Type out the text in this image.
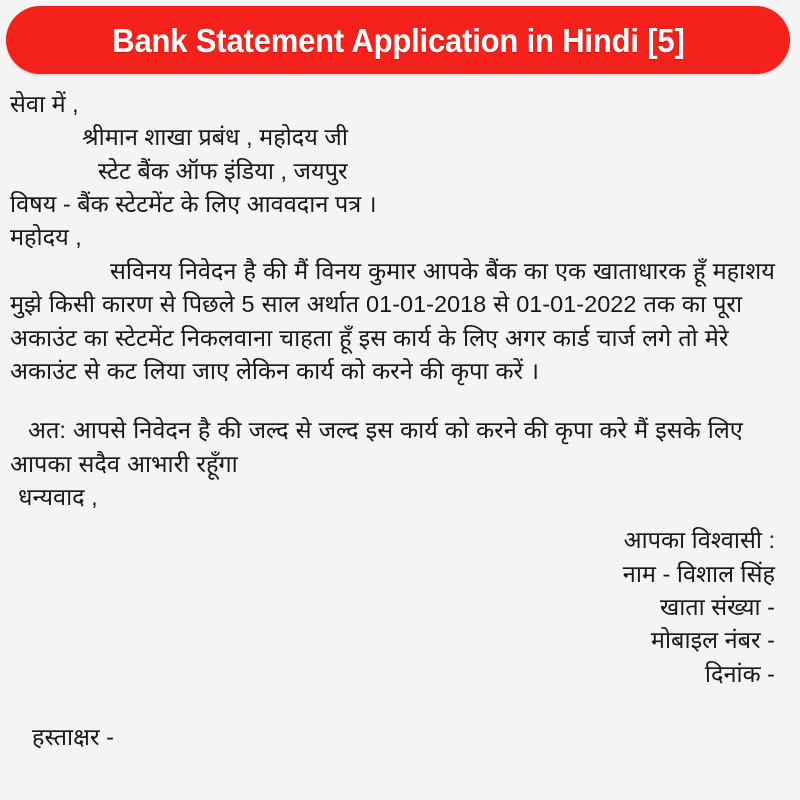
Bank Statement Application in Hindi [5]
सेवा में ,
श्रीमान शाखा प्रबंध , महोदय जी
स्टेट बैंक ऑफ इंडिया , जयपुर
विषय - बैंक स्टेटमेंट के लिए आववदान पत्र ।
महोदय ,

सविनय निवेदन है की मैं विनय कुमार आपके बैंक का एक खाताधारक हूँ महाशय मुझे किसी कारण से पिछले 5 साल अर्थात 01-01-2018 से 01-01-2022 तक का पूरा अकाउंट का स्टेटमेंट निकलवाना चाहता हूँ इस कार्य के लिए अगर कार्ड चार्ज लगे तो मेरे अकाउंट से कट लिया जाए लेकिन कार्य को करने की कृपा करें ।

अत: आपसे निवेदन है की जल्द से जल्द इस कार्य को करने की कृपा करे मैं इसके लिए आपका सदैव आभारी रहूँगा

धन्यवाद ,
आपका विश्वासी :
नाम - विशाल सिंह
खाता संख्या -
मोबाइल नंबर -
दिनांक -
हस्ताक्षर -
